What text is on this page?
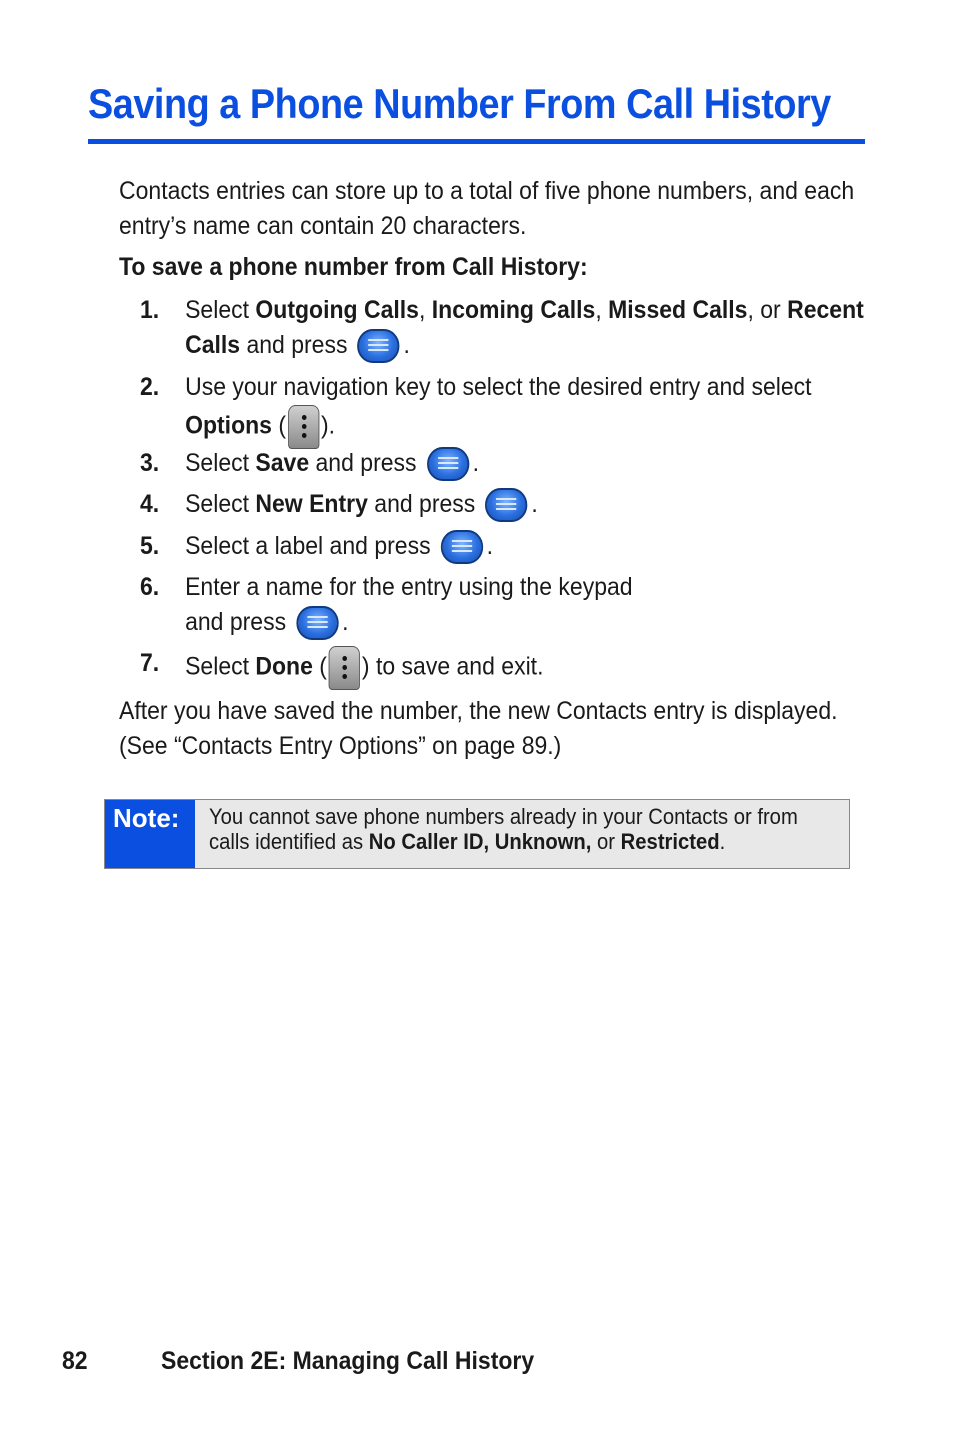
Saving a Phone Number From Call History

Contacts entries can store up to a total of five phone numbers, and each entry’s name can contain 20 characters.

To save a phone number from Call History:

1. Select Outgoing Calls, Incoming Calls, Missed Calls, or Recent Calls and press .
2. Use your navigation key to select the desired entry and select Options ( ).
3. Select Save and press .
4. Select New Entry and press .
5. Select a label and press .
6. Enter a name for the entry using the keypad and press .
7. Select Done ( ) to save and exit.

After you have saved the number, the new Contacts entry is displayed. (See “Contacts Entry Options” on page 89.)

Note:	You cannot save phone numbers already in your Contacts or from calls identified as No Caller ID, Unknown, or Restricted.

82	Section 2E: Managing Call History
